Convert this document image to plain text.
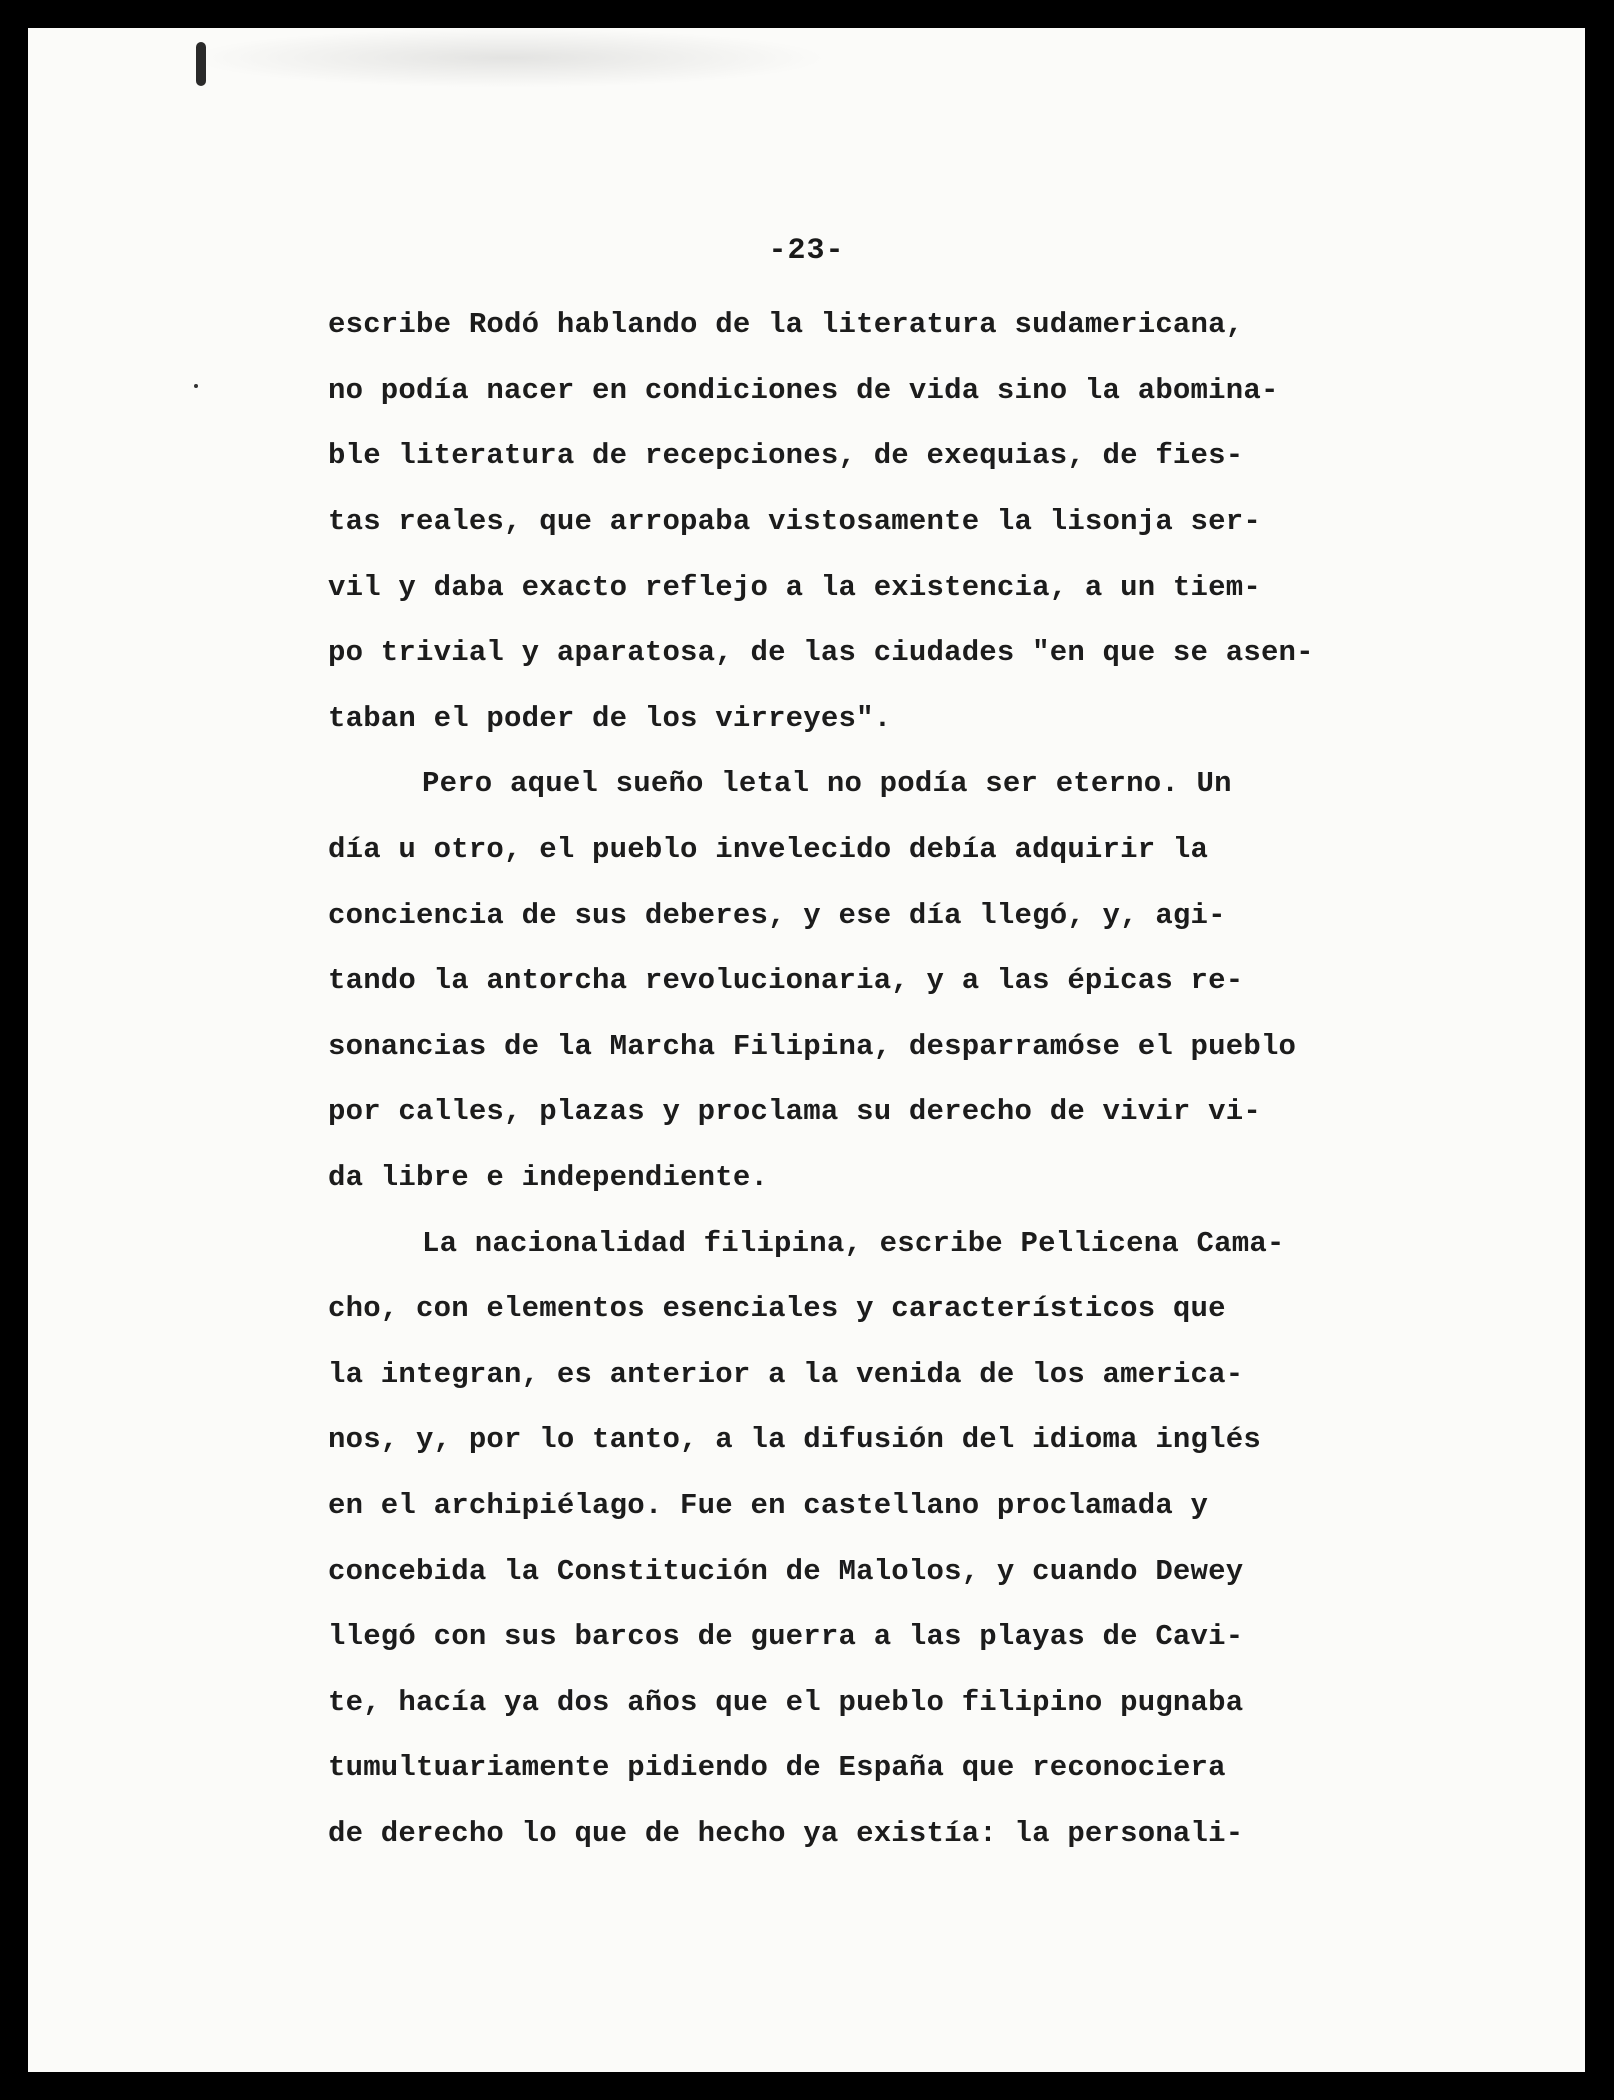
-23-
escribe Rodó hablando de la literatura sudamericana,
no podía nacer en condiciones de vida sino la abomina-
ble literatura de recepciones, de exequias, de fies-
tas reales, que arropaba vistosamente la lisonja ser-
vil y daba exacto reflejo a la existencia, a un tiem-
po trivial y aparatosa, de las ciudades "en que se asen-
taban el poder de los virreyes".
Pero aquel sueño letal no podía ser eterno. Un
día u otro, el pueblo invelecido debía adquirir la
conciencia de sus deberes, y ese día llegó, y, agi-
tando la antorcha revolucionaria, y a las épicas re-
sonancias de la Marcha Filipina, desparramóse el pueblo
por calles, plazas y proclama su derecho de vivir vi-
da libre e independiente.
La nacionalidad filipina, escribe Pellicena Cama-
cho, con elementos esenciales y característicos que
la integran, es anterior a la venida de los america-
nos, y, por lo tanto, a la difusión del idioma inglés
en el archipiélago. Fue en castellano proclamada y
concebida la Constitución de Malolos, y cuando Dewey
llegó con sus barcos de guerra a las playas de Cavi-
te, hacía ya dos años que el pueblo filipino pugnaba
tumultuariamente pidiendo de España que reconociera
de derecho lo que de hecho ya existía: la personali-
